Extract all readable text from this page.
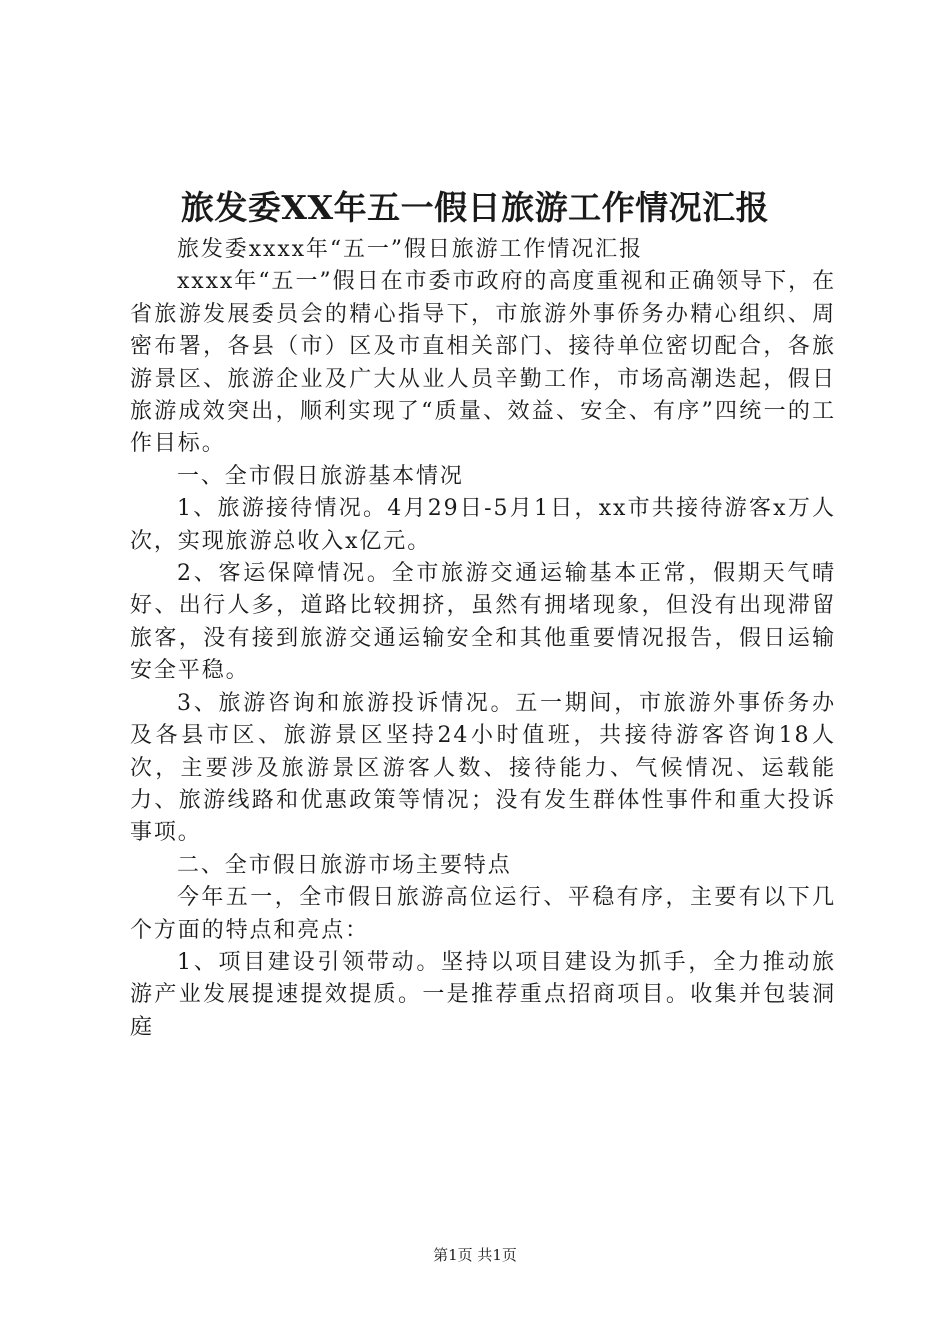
旅发委XX年五一假日旅游工作情况汇报

旅发委xxxx年“五一”假日旅游工作情况汇报

xxxx年“五一”假日在市委市政府的高度重视和正确领导下，在省旅游发展委员会的精心指导下，市旅游外事侨务办精心组织、周密布署，各县（市）区及市直相关部门、接待单位密切配合，各旅游景区、旅游企业及广大从业人员辛勤工作，市场高潮迭起，假日旅游成效突出，顺利实现了“质量、效益、安全、有序”四统一的工作目标。

一、全市假日旅游基本情况

1、旅游接待情况。4月29日-5月1日，xx市共接待游客x万人次，实现旅游总收入x亿元。

2、客运保障情况。全市旅游交通运输基本正常，假期天气晴好、出行人多，道路比较拥挤，虽然有拥堵现象，但没有出现滞留旅客，没有接到旅游交通运输安全和其他重要情况报告，假日运输安全平稳。

3、旅游咨询和旅游投诉情况。五一期间，市旅游外事侨务办及各县市区、旅游景区坚持24小时值班，共接待游客咨询18人次，主要涉及旅游景区游客人数、接待能力、气候情况、运载能力、旅游线路和优惠政策等情况；没有发生群体性事件和重大投诉事项。

二、全市假日旅游市场主要特点

今年五一，全市假日旅游高位运行、平稳有序，主要有以下几个方面的特点和亮点：

1、项目建设引领带动。坚持以项目建设为抓手，全力推动旅游产业发展提速提效提质。一是推荐重点招商项目。收集并包装洞庭

第1页 共1页
